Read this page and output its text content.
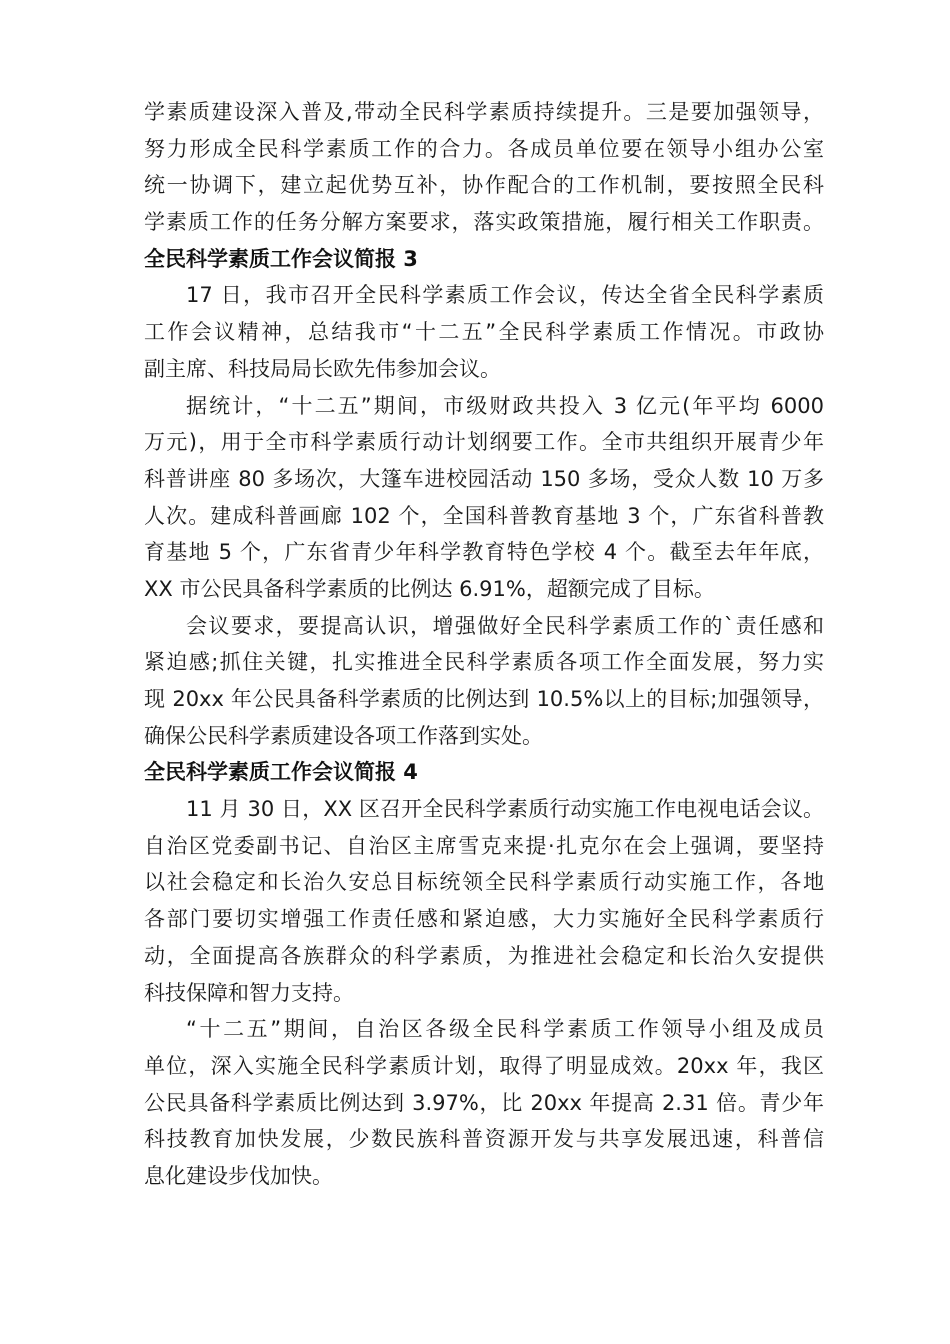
学素质建设深入普及,带动全民科学素质持续提升。三是要加强领导，
努力形成全民科学素质工作的合力。各成员单位要在领导小组办公室
统一协调下，建立起优势互补，协作配合的工作机制，要按照全民科
学素质工作的任务分解方案要求，落实政策措施，履行相关工作职责。
全民科学素质工作会议简报 3
17 日，我市召开全民科学素质工作会议，传达全省全民科学素质
工作会议精神，总结我市“十二五”全民科学素质工作情况。市政协
副主席、科技局局长欧先伟参加会议。
据统计，“十二五”期间，市级财政共投入 3 亿元(年平均 6000
万元)，用于全市科学素质行动计划纲要工作。全市共组织开展青少年
科普讲座 80 多场次，大篷车进校园活动 150 多场，受众人数 10 万多
人次。建成科普画廊 102 个，全国科普教育基地 3 个，广东省科普教
育基地 5 个，广东省青少年科学教育特色学校 4 个。截至去年年底，
XX 市公民具备科学素质的比例达 6.91%，超额完成了目标。
会议要求，要提高认识，增强做好全民科学素质工作的`责任感和
紧迫感;抓住关键，扎实推进全民科学素质各项工作全面发展，努力实
现 20xx 年公民具备科学素质的比例达到 10.5%以上的目标;加强领导，
确保公民科学素质建设各项工作落到实处。
全民科学素质工作会议简报 4
11 月 30 日，XX 区召开全民科学素质行动实施工作电视电话会议。
自治区党委副书记、自治区主席雪克来提·扎克尔在会上强调，要坚持
以社会稳定和长治久安总目标统领全民科学素质行动实施工作，各地
各部门要切实增强工作责任感和紧迫感，大力实施好全民科学素质行
动，全面提高各族群众的科学素质，为推进社会稳定和长治久安提供
科技保障和智力支持。
“十二五”期间，自治区各级全民科学素质工作领导小组及成员
单位，深入实施全民科学素质计划，取得了明显成效。20xx 年，我区
公民具备科学素质比例达到 3.97%，比 20xx 年提高 2.31 倍。青少年
科技教育加快发展，少数民族科普资源开发与共享发展迅速，科普信
息化建设步伐加快。
